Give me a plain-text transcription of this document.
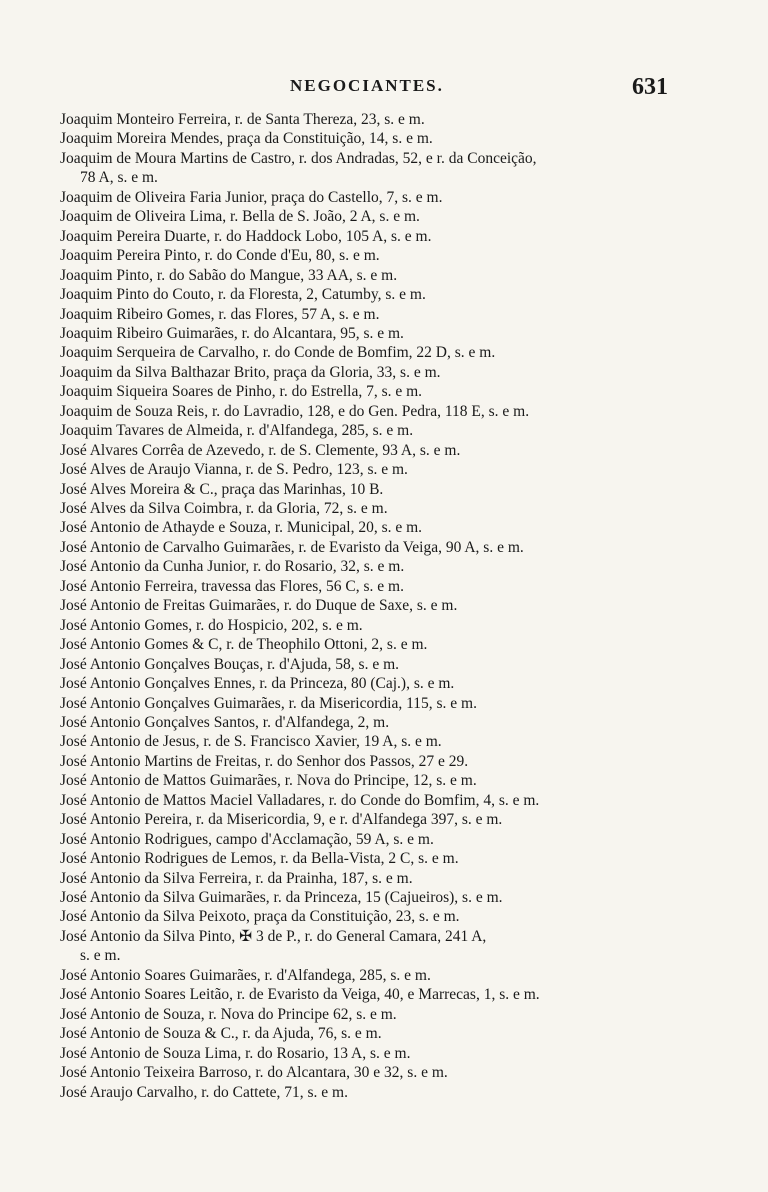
NEGOCIANTES.	631
Joaquim Monteiro Ferreira, r. de Santa Thereza, 23, s. e m.
Joaquim Moreira Mendes, praça da Constituição, 14, s. e m.
Joaquim de Moura Martins de Castro, r. dos Andradas, 52, e r. da Conceição,
78 A, s. e m.
Joaquim de Oliveira Faria Junior, praça do Castello, 7, s. e m.
Joaquim de Oliveira Lima, r. Bella de S. João, 2 A, s. e m.
Joaquim Pereira Duarte, r. do Haddock Lobo, 105 A, s. e m.
Joaquim Pereira Pinto, r. do Conde d'Eu, 80, s. e m.
Joaquim Pinto, r. do Sabão do Mangue, 33 AA, s. e m.
Joaquim Pinto do Couto, r. da Floresta, 2, Catumby, s. e m.
Joaquim Ribeiro Gomes, r. das Flores, 57 A, s. e m.
Joaquim Ribeiro Guimarães, r. do Alcantara, 95, s. e m.
Joaquim Serqueira de Carvalho, r. do Conde de Bomfim, 22 D, s. e m.
Joaquim da Silva Balthazar Brito, praça da Gloria, 33, s. e m.
Joaquim Siqueira Soares de Pinho, r. do Estrella, 7, s. e m.
Joaquim de Souza Reis, r. do Lavradio, 128, e do Gen. Pedra, 118 E, s. e m.
Joaquim Tavares de Almeida, r. d'Alfandega, 285, s. e m.
José Alvares Corrêa de Azevedo, r. de S. Clemente, 93 A, s. e m.
José Alves de Araujo Vianna, r. de S. Pedro, 123, s. e m.
José Alves Moreira & C., praça das Marinhas, 10 B.
José Alves da Silva Coimbra, r. da Gloria, 72, s. e m.
José Antonio de Athayde e Souza, r. Municipal, 20, s. e m.
José Antonio de Carvalho Guimarães, r. de Evaristo da Veiga, 90 A, s. e m.
José Antonio da Cunha Junior, r. do Rosario, 32, s. e m.
José Antonio Ferreira, travessa das Flores, 56 C, s. e m.
José Antonio de Freitas Guimarães, r. do Duque de Saxe, s. e m.
José Antonio Gomes, r. do Hospicio, 202, s. e m.
José Antonio Gomes & C, r. de Theophilo Ottoni, 2, s. e m.
José Antonio Gonçalves Bouças, r. d'Ajuda, 58, s. e m.
José Antonio Gonçalves Ennes, r. da Princeza, 80 (Caj.), s. e m.
José Antonio Gonçalves Guimarães, r. da Misericordia, 115, s. e m.
José Antonio Gonçalves Santos, r. d'Alfandega, 2, m.
José Antonio de Jesus, r. de S. Francisco Xavier, 19 A, s. e m.
José Antonio Martins de Freitas, r. do Senhor dos Passos, 27 e 29.
José Antonio de Mattos Guimarães, r. Nova do Principe, 12, s. e m.
José Antonio de Mattos Maciel Valladares, r. do Conde do Bomfim, 4, s. e m.
José Antonio Pereira, r. da Misericordia, 9, e r. d'Alfandega 397, s. e m.
José Antonio Rodrigues, campo d'Acclamação, 59 A, s. e m.
José Antonio Rodrigues de Lemos, r. da Bella-Vista, 2 C, s. e m.
José Antonio da Silva Ferreira, r. da Prainha, 187, s. e m.
José Antonio da Silva Guimarães, r. da Princeza, 15 (Cajueiros), s. e m.
José Antonio da Silva Peixoto, praça da Constituição, 23, s. e m.
José Antonio da Silva Pinto, ✠ 3 de P., r. do General Camara, 241 A,
s. e m.
José Antonio Soares Guimarães, r. d'Alfandega, 285, s. e m.
José Antonio Soares Leitão, r. de Evaristo da Veiga, 40, e Marrecas, 1, s. e m.
José Antonio de Souza, r. Nova do Principe 62, s. e m.
José Antonio de Souza & C., r. da Ajuda, 76, s. e m.
José Antonio de Souza Lima, r. do Rosario, 13 A, s. e m.
José Antonio Teixeira Barroso, r. do Alcantara, 30 e 32, s. e m.
José Araujo Carvalho, r. do Cattete, 71, s. e m.
